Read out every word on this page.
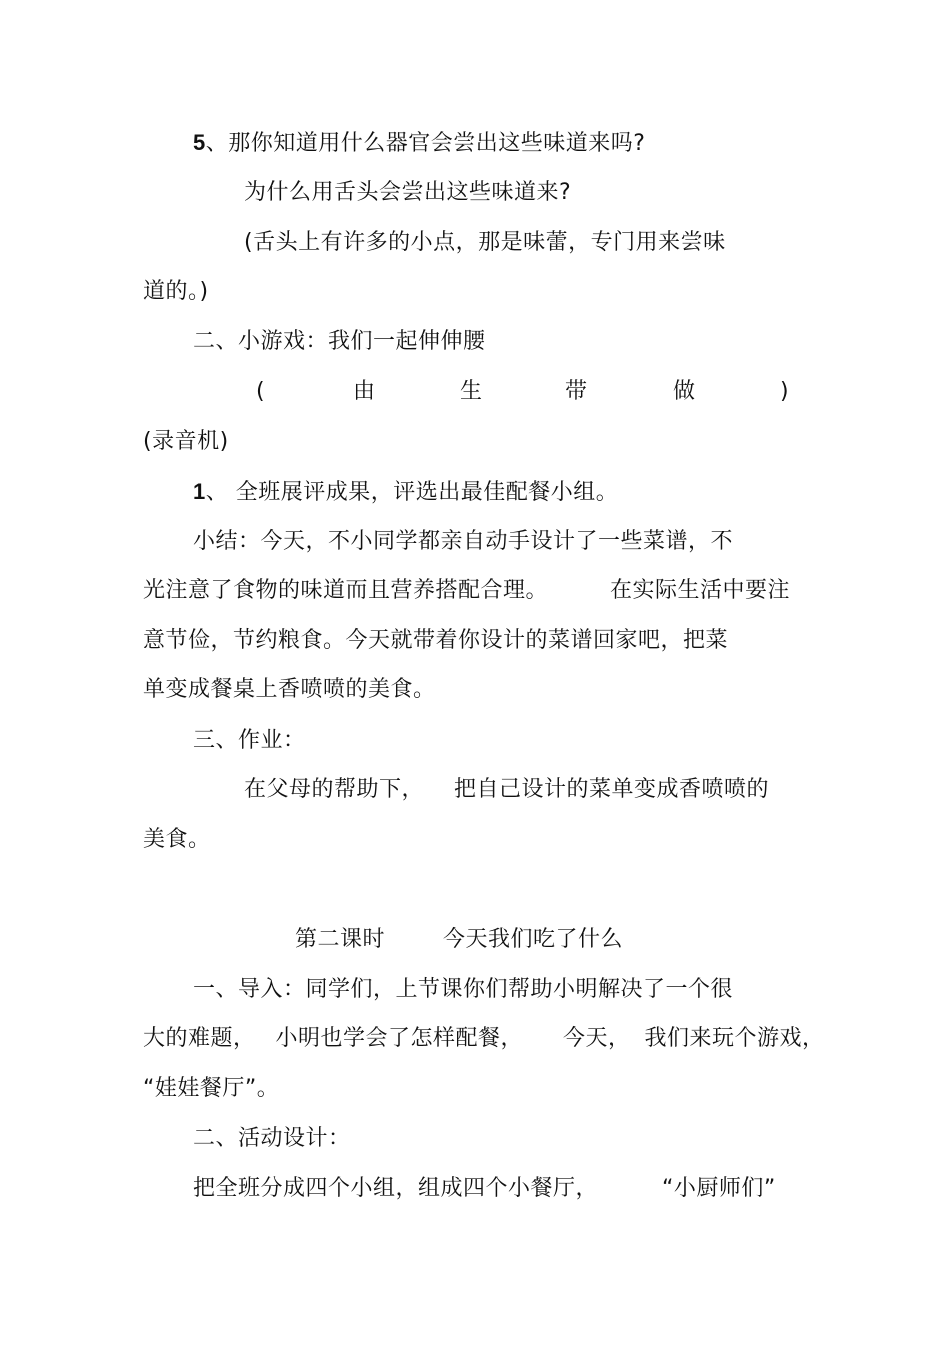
5、那你知道用什么器官会尝出这些味道来吗?
为什么用舌头会尝出这些味道来?
(舌头上有许多的小点，那是味蕾，专门用来尝味
道的。)
二、小游戏：我们一起伸伸腰
(	由	生	带	做	)
(录音机)
1、 全班展评成果，评选出最佳配餐小组。
小结：今天，不小同学都亲自动手设计了一些菜谱，不
光注意了食物的味道而且营养搭配合理。	在实际生活中要注
意节俭，节约粮食。今天就带着你设计的菜谱回家吧，把菜
单变成餐桌上香喷喷的美食。
三、作业：
在父母的帮助下， 把自己设计的菜单变成香喷喷的
美食。
第二课时	今天我们吃了什么
一、导入：同学们，上节课你们帮助小明解决了一个很
大的难题， 小明也学会了怎样配餐， 今天， 我们来玩个游戏，
“娃娃餐厅”。
二、活动设计：
把全班分成四个小组，组成四个小餐厅，	“小厨师们”
